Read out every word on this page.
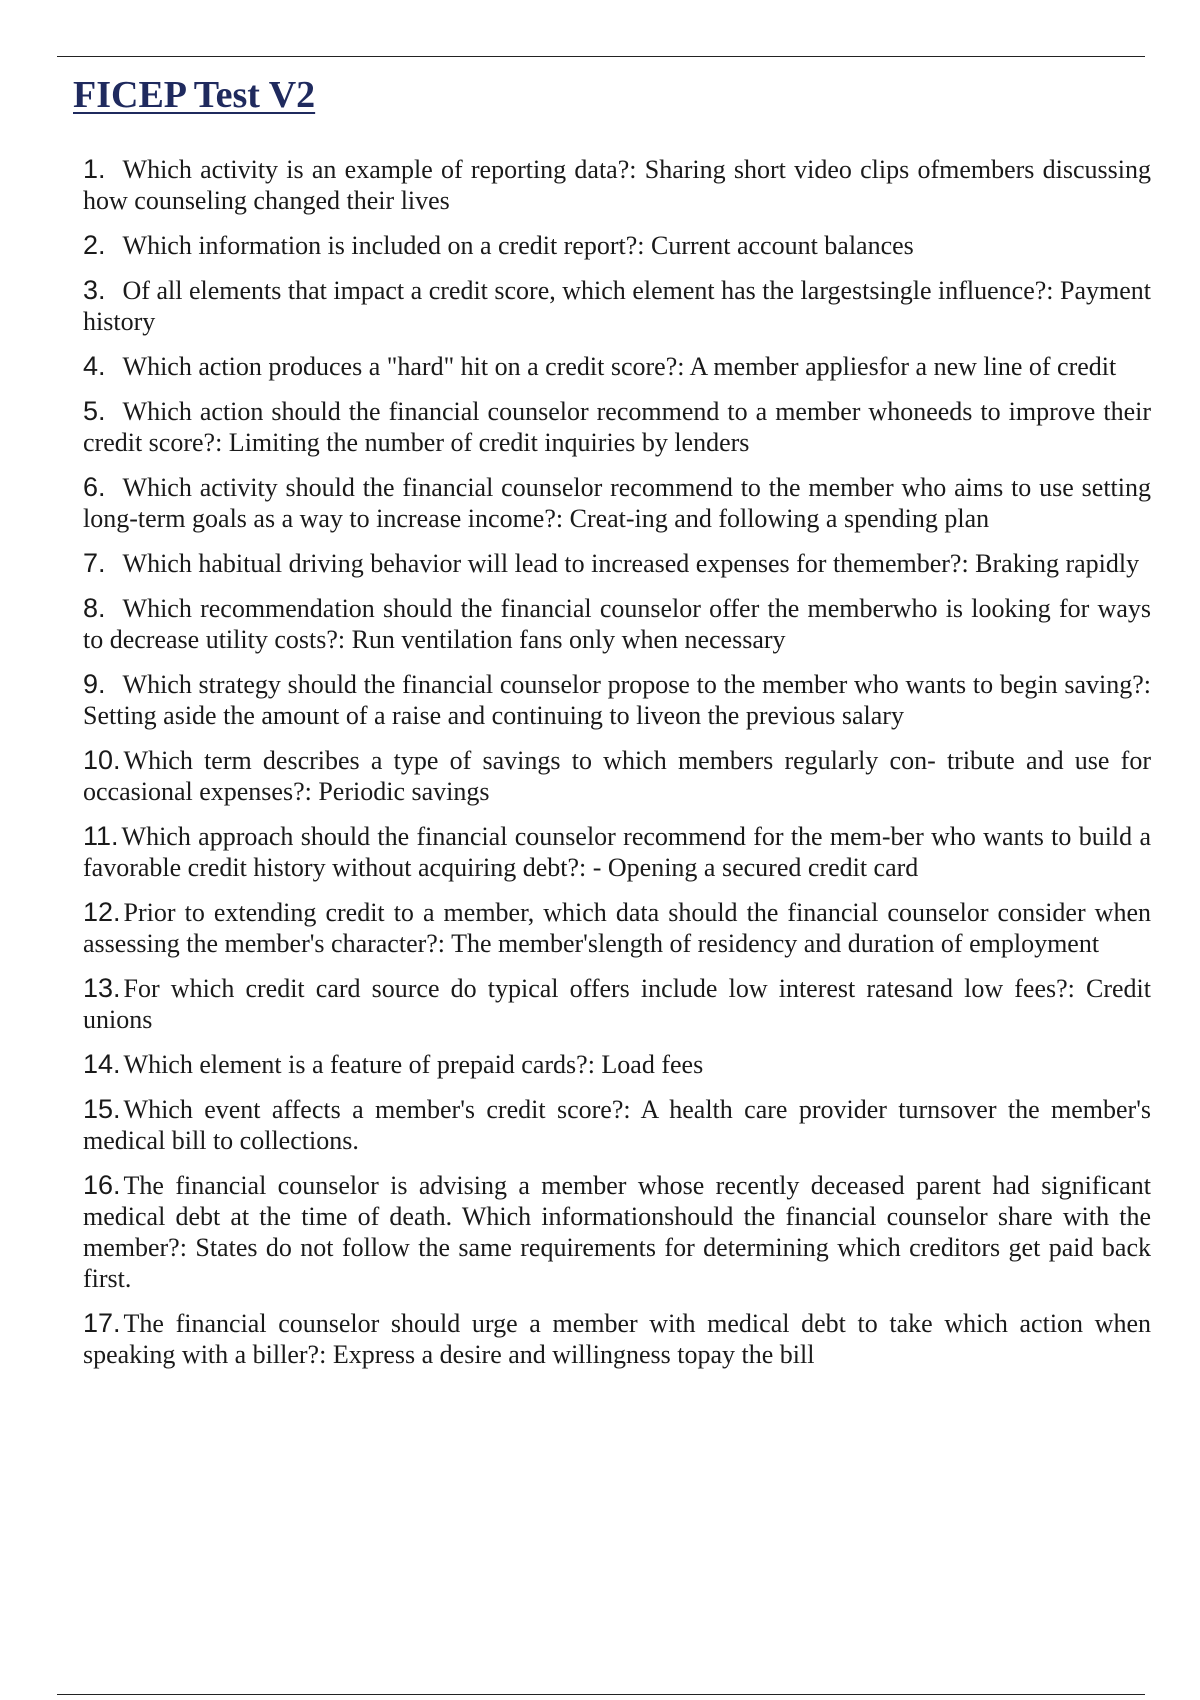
FICEP Test V2
1. Which activity is an example of reporting data?: Sharing short video clips ofmembers discussing how counseling changed their lives
2. Which information is included on a credit report?: Current account balances
3. Of all elements that impact a credit score, which element has the largestsingle influence?: Payment history
4. Which action produces a "hard" hit on a credit score?: A member appliesfor a new line of credit
5. Which action should the financial counselor recommend to a member whoneeds to improve their credit score?: Limiting the number of credit inquiries by lenders
6. Which activity should the financial counselor recommend to the member who aims to use setting long-term goals as a way to increase income?: Creat-ing and following a spending plan
7. Which habitual driving behavior will lead to increased expenses for themember?: Braking rapidly
8. Which recommendation should the financial counselor offer the memberwho is looking for ways to decrease utility costs?: Run ventilation fans only when necessary
9. Which strategy should the financial counselor propose to the member who wants to begin saving?: Setting aside the amount of a raise and continuing to liveon the previous salary
10. Which term describes a type of savings to which members regularly con- tribute and use for occasional expenses?: Periodic savings
11. Which approach should the financial counselor recommend for the mem-ber who wants to build a favorable credit history without acquiring debt?: - Opening a secured credit card
12. Prior to extending credit to a member, which data should the financial counselor consider when assessing the member's character?: The member'slength of residency and duration of employment
13. For which credit card source do typical offers include low interest ratesand low fees?: Credit unions
14. Which element is a feature of prepaid cards?: Load fees
15. Which event affects a member's credit score?: A health care provider turnsover the member's medical bill to collections.
16. The financial counselor is advising a member whose recently deceased parent had significant medical debt at the time of death. Which informationshould the financial counselor share with the member?: States do not follow the same requirements for determining which creditors get paid back first.
17. The financial counselor should urge a member with medical debt to take which action when speaking with a biller?: Express a desire and willingness topay the bill
